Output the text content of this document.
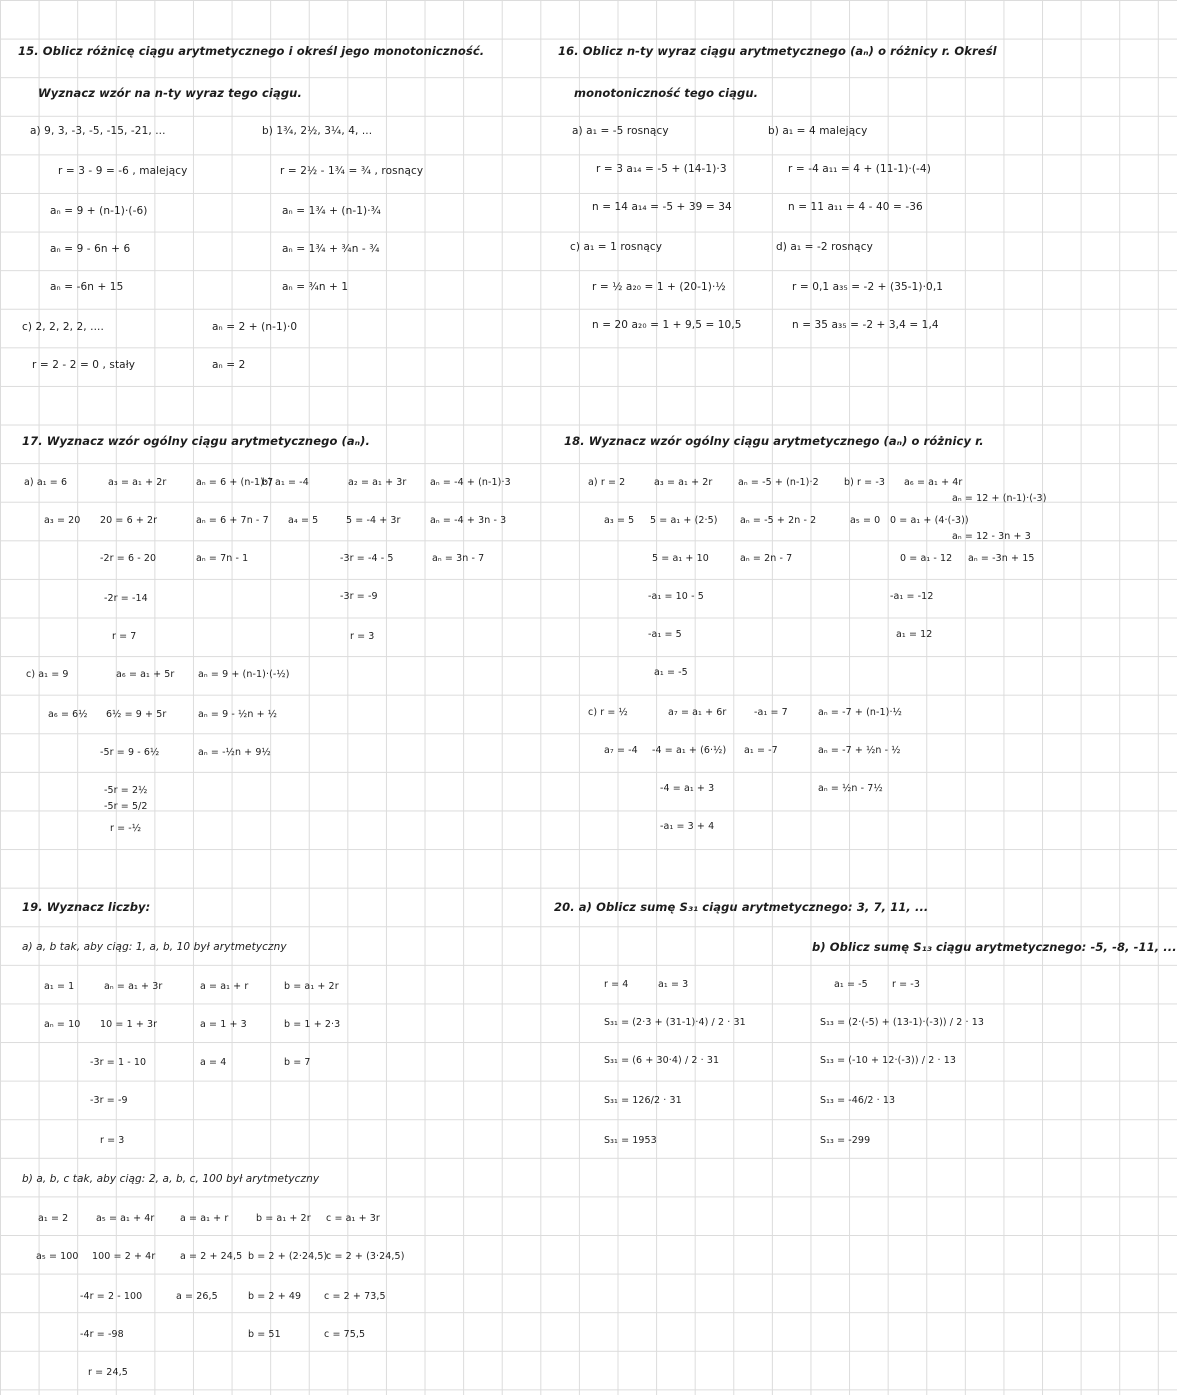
15. Oblicz różnicę ciągu arytmetycznego i określ jego monotoniczność.
Wyznacz wzór na n-ty wyraz tego ciągu.
a) 9, 3, -3, -5, -15, -21, ...
r = 3 - 9 = -6 , malejący
aₙ = 9 + (n-1)·(-6)
aₙ = 9 - 6n + 6
aₙ = -6n + 15
b) 1¾, 2½, 3¼, 4, ...
r = 2½ - 1¾ = ¾ , rosnący
aₙ = 1¾ + (n-1)·¾
aₙ = 1¾ + ¾n - ¾
aₙ = ¾n + 1
c) 2, 2, 2, 2, ....
r = 2 - 2 = 0 , stały
aₙ = 2 + (n-1)·0
aₙ = 2
16. Oblicz n-ty wyraz ciągu arytmetycznego (aₙ) o różnicy r. Określ
monotoniczność tego ciągu.
a) a₁ = -5 rosnący
r = 3 a₁₄ = -5 + (14-1)·3
n = 14 a₁₄ = -5 + 39 = 34
b) a₁ = 4 malejący
r = -4 a₁₁ = 4 + (11-1)·(-4)
n = 11 a₁₁ = 4 - 40 = -36
c) a₁ = 1 rosnący
r = ½ a₂₀ = 1 + (20-1)·½
n = 20 a₂₀ = 1 + 9,5 = 10,5
d) a₁ = -2 rosnący
r = 0,1 a₃₅ = -2 + (35-1)·0,1
n = 35 a₃₅ = -2 + 3,4 = 1,4
17. Wyznacz wzór ogólny ciągu arytmetycznego (aₙ).
a) a₁ = 6	a₃ = a₁ + 2r	aₙ = 6 + (n-1)·7
a₃ = 20 20 = 6 + 2r	aₙ = 6 + 7n - 7
-2r = 6 - 20	aₙ = 7n - 1
-2r = -14
r = 7
b) a₁ = -4	a₂ = a₁ + 3r aₙ = -4 + (n-1)·3
a₄ = 5	5 = -4 + 3r	aₙ = -4 + 3n - 3
-3r = -4 - 5	aₙ = 3n - 7
-3r = -9
r = 3
c) a₁ = 9	a₆ = a₁ + 5r aₙ = 9 + (n-1)·(-½)
a₆ = 6½ 6½ = 9 + 5r	aₙ = 9 - ½n + ½
-5r = 9 - 6½	aₙ = -½n + 9½
-5r = 2½
-5r = 5/2
r = -½
18. Wyznacz wzór ogólny ciągu arytmetycznego (aₙ) o różnicy r.
a) r = 2	a₃ = a₁ + 2r	aₙ = -5 + (n-1)·2
a₃ = 5 5 = a₁ + (2·5) aₙ = -5 + 2n - 2
5 = a₁ + 10	aₙ = 2n - 7
-a₁ = 10 - 5
-a₁ = 5
a₁ = -5
b) r = -3 a₆ = a₁ + 4r
aₙ = 12 + (n-1)·(-3)
a₅ = 0 0 = a₁ + (4·(-3))
aₙ = 12 - 3n + 3
0 = a₁ - 12 aₙ = -3n + 15
-a₁ = -12
a₁ = 12
c) r = ½	a₇ = a₁ + 6r	-a₁ = 7	aₙ = -7 + (n-1)·½
a₇ = -4 -4 = a₁ + (6·½) a₁ = -7	aₙ = -7 + ½n - ½
-4 = a₁ + 3	aₙ = ½n - 7½
-a₁ = 3 + 4
19. Wyznacz liczby:
a) a, b tak, aby ciąg: 1, a, b, 10 był arytmetyczny
a₁ = 1	aₙ = a₁ + 3r	a = a₁ + r	b = a₁ + 2r
aₙ = 10 10 = 1 + 3r	a = 1 + 3	b = 1 + 2·3
-3r = 1 - 10	a = 4	b = 7
-3r = -9
r = 3
b) a, b, c tak, aby ciąg: 2, a, b, c, 100 był arytmetyczny
a₁ = 2	a₅ = a₁ + 4r	a = a₁ + r	b = a₁ + 2r c = a₁ + 3r
a₅ = 100 100 = 2 + 4r	a = 2 + 24,5 b = 2 + (2·24,5)
c = 2 + (3·24,5)
-4r = 2 - 100	a = 26,5	b = 2 + 49 c = 2 + 73,5
-4r = -98	b = 51	c = 75,5
r = 24,5
20. a) Oblicz sumę S₃₁ ciągu arytmetycznego: 3, 7, 11, ...
r = 4	a₁ = 3
S₃₁ = (2·3 + (31-1)·4) / 2 · 31
S₃₁ = (6 + 30·4) / 2 · 31
S₃₁ = 126/2 · 31
S₃₁ = 1953
b) Oblicz sumę S₁₃ ciągu arytmetycznego: -5, -8, -11, ...
a₁ = -5	r = -3
S₁₃ = (2·(-5) + (13-1)·(-3)) / 2 · 13
S₁₃ = (-10 + 12·(-3)) / 2 · 13
S₁₃ = -46/2 · 13
S₁₃ = -299
